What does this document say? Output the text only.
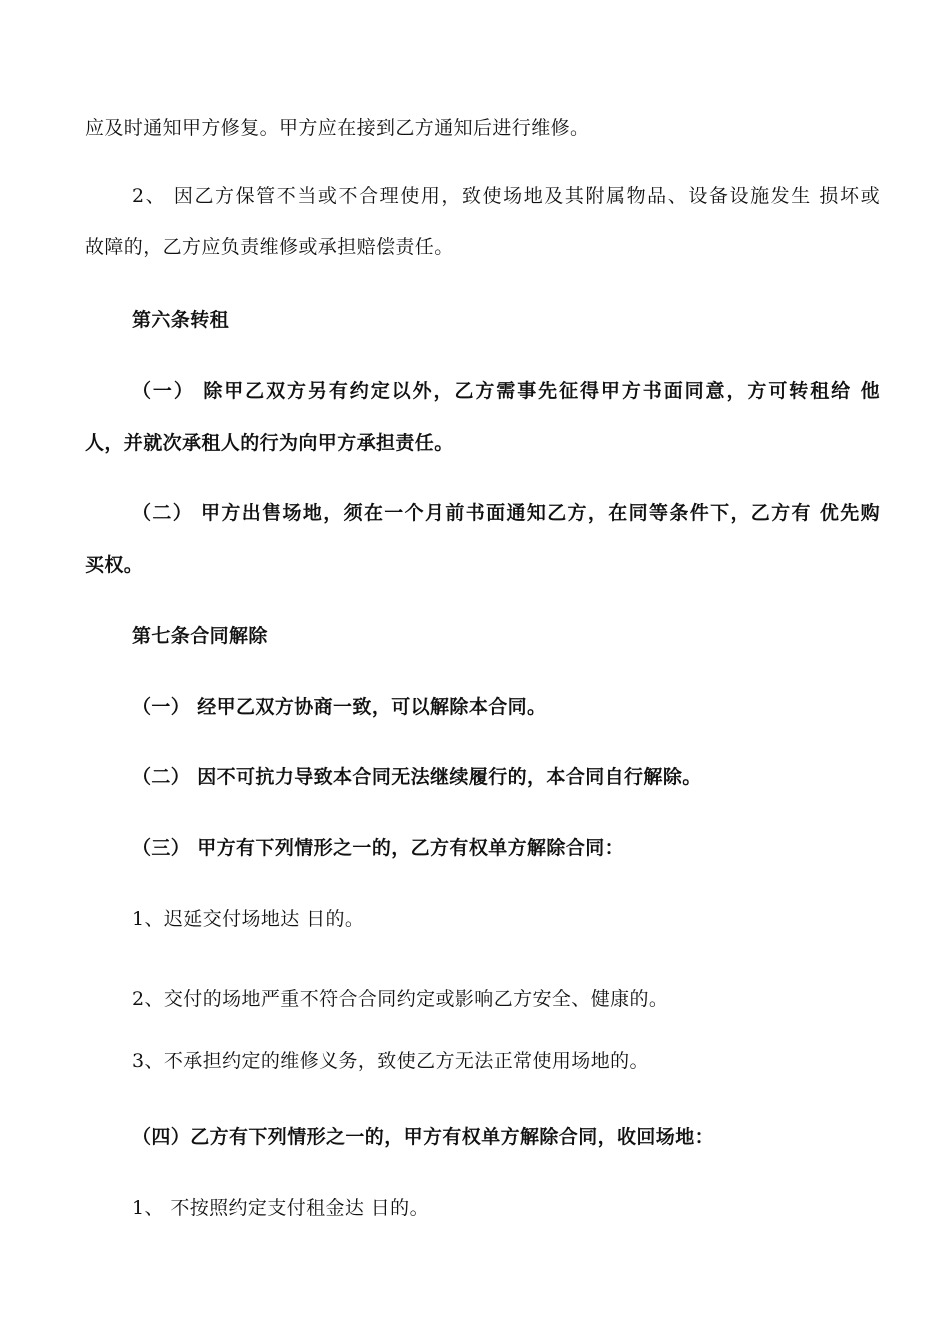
应及时通知甲方修复。甲方应在接到乙方通知后进行维修。
2、 因乙方保管不当或不合理使用，致使场地及其附属物品、设备设施发生 损坏或
故障的，乙方应负责维修或承担赔偿责任。
第六条转租
（一） 除甲乙双方另有约定以外，乙方需事先征得甲方书面同意，方可转租给 他
人，并就次承租人的行为向甲方承担责任。
（二） 甲方出售场地，须在一个月前书面通知乙方，在同等条件下，乙方有 优先购
买权。
第七条合同解除
（一） 经甲乙双方协商一致，可以解除本合同。
（二） 因不可抗力导致本合同无法继续履行的，本合同自行解除。
（三） 甲方有下列情形之一的，乙方有权单方解除合同：
1、迟延交付场地达 日的。
2、交付的场地严重不符合合同约定或影响乙方安全、健康的。
3、不承担约定的维修义务，致使乙方无法正常使用场地的。
（四）乙方有下列情形之一的，甲方有权单方解除合同，收回场地：
1、 不按照约定支付租金达 日的。
